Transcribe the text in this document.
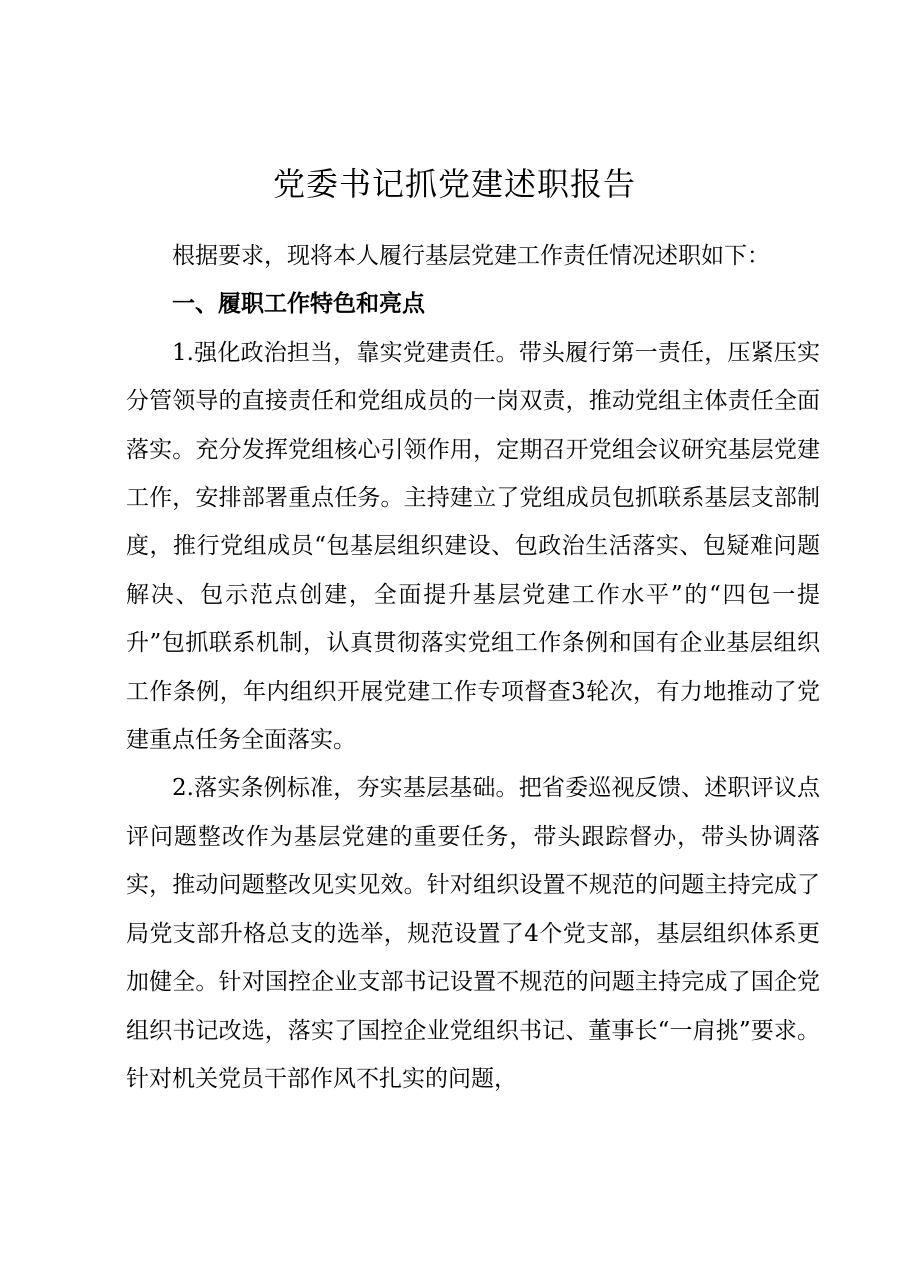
党委书记抓党建述职报告

根据要求，现将本人履行基层党建工作责任情况述职如下：

一、履职工作特色和亮点

1.强化政治担当，靠实党建责任。带头履行第一责任，压紧压实分管领导的直接责任和党组成员的一岗双责，推动党组主体责任全面落实。充分发挥党组核心引领作用，定期召开党组会议研究基层党建工作，安排部署重点任务。主持建立了党组成员包抓联系基层支部制度，推行党组成员“包基层组织建设、包政治生活落实、包疑难问题解决、包示范点创建，全面提升基层党建工作水平”的“四包一提升”包抓联系机制，认真贯彻落实党组工作条例和国有企业基层组织工作条例，年内组织开展党建工作专项督查3轮次，有力地推动了党建重点任务全面落实。

2.落实条例标准，夯实基层基础。把省委巡视反馈、述职评议点评问题整改作为基层党建的重要任务，带头跟踪督办，带头协调落实，推动问题整改见实见效。针对组织设置不规范的问题主持完成了局党支部升格总支的选举，规范设置了4个党支部，基层组织体系更加健全。针对国控企业支部书记设置不规范的问题主持完成了国企党组织书记改选，落实了国控企业党组织书记、董事长“一肩挑”要求。针对机关党员干部作风不扎实的问题，
